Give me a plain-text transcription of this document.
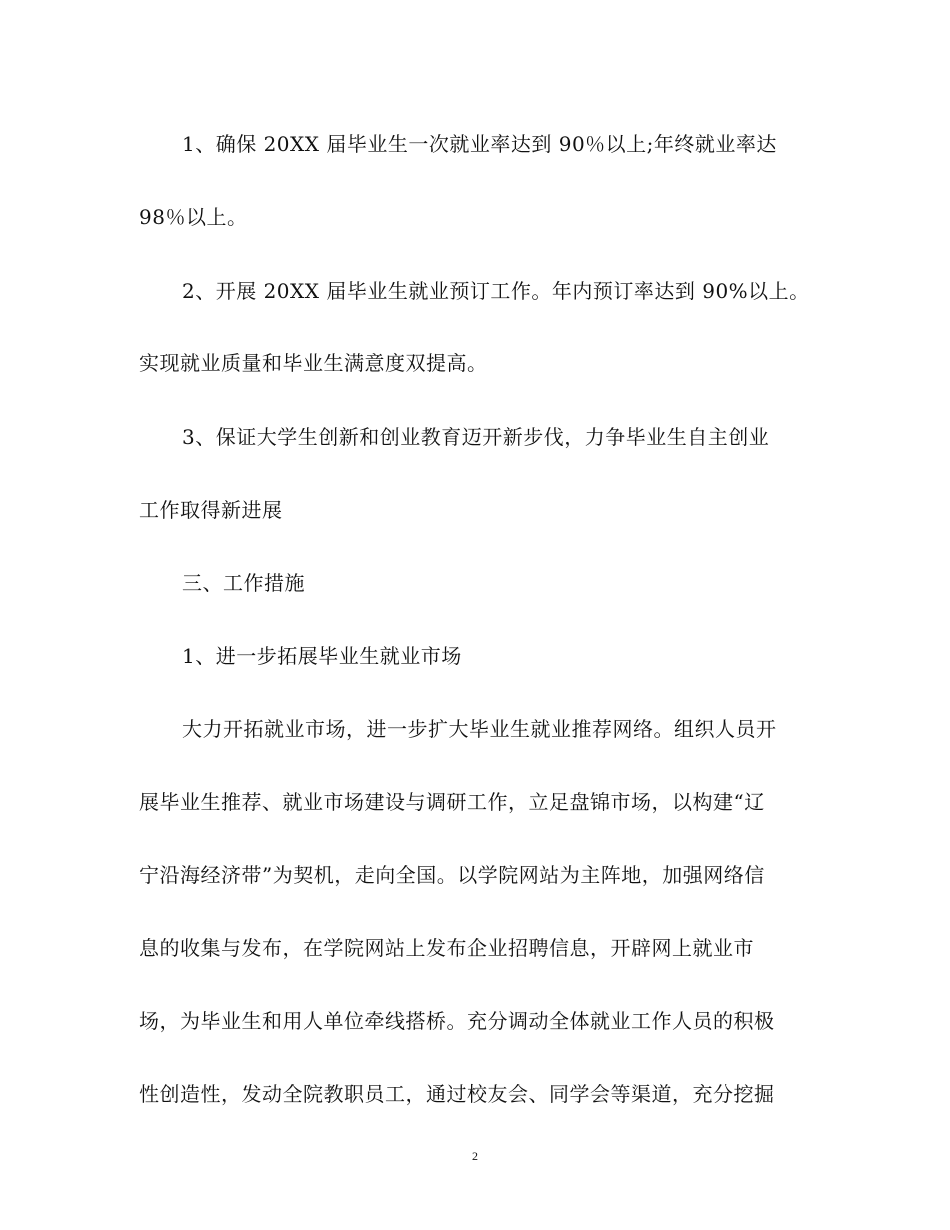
1、确保 20XX 届毕业生一次就业率达到 90％以上;年终就业率达
98％以上。
2、开展 20XX 届毕业生就业预订工作。年内预订率达到 90%以上。
实现就业质量和毕业生满意度双提高。
3、保证大学生创新和创业教育迈开新步伐，力争毕业生自主创业
工作取得新进展
三、工作措施
1、进一步拓展毕业生就业市场
大力开拓就业市场，进一步扩大毕业生就业推荐网络。组织人员开
展毕业生推荐、就业市场建设与调研工作，立足盘锦市场，以构建“辽
宁沿海经济带”为契机，走向全国。以学院网站为主阵地，加强网络信
息的收集与发布，在学院网站上发布企业招聘信息，开辟网上就业市
场，为毕业生和用人单位牵线搭桥。充分调动全体就业工作人员的积极
性创造性，发动全院教职员工，通过校友会、同学会等渠道，充分挖掘
2
